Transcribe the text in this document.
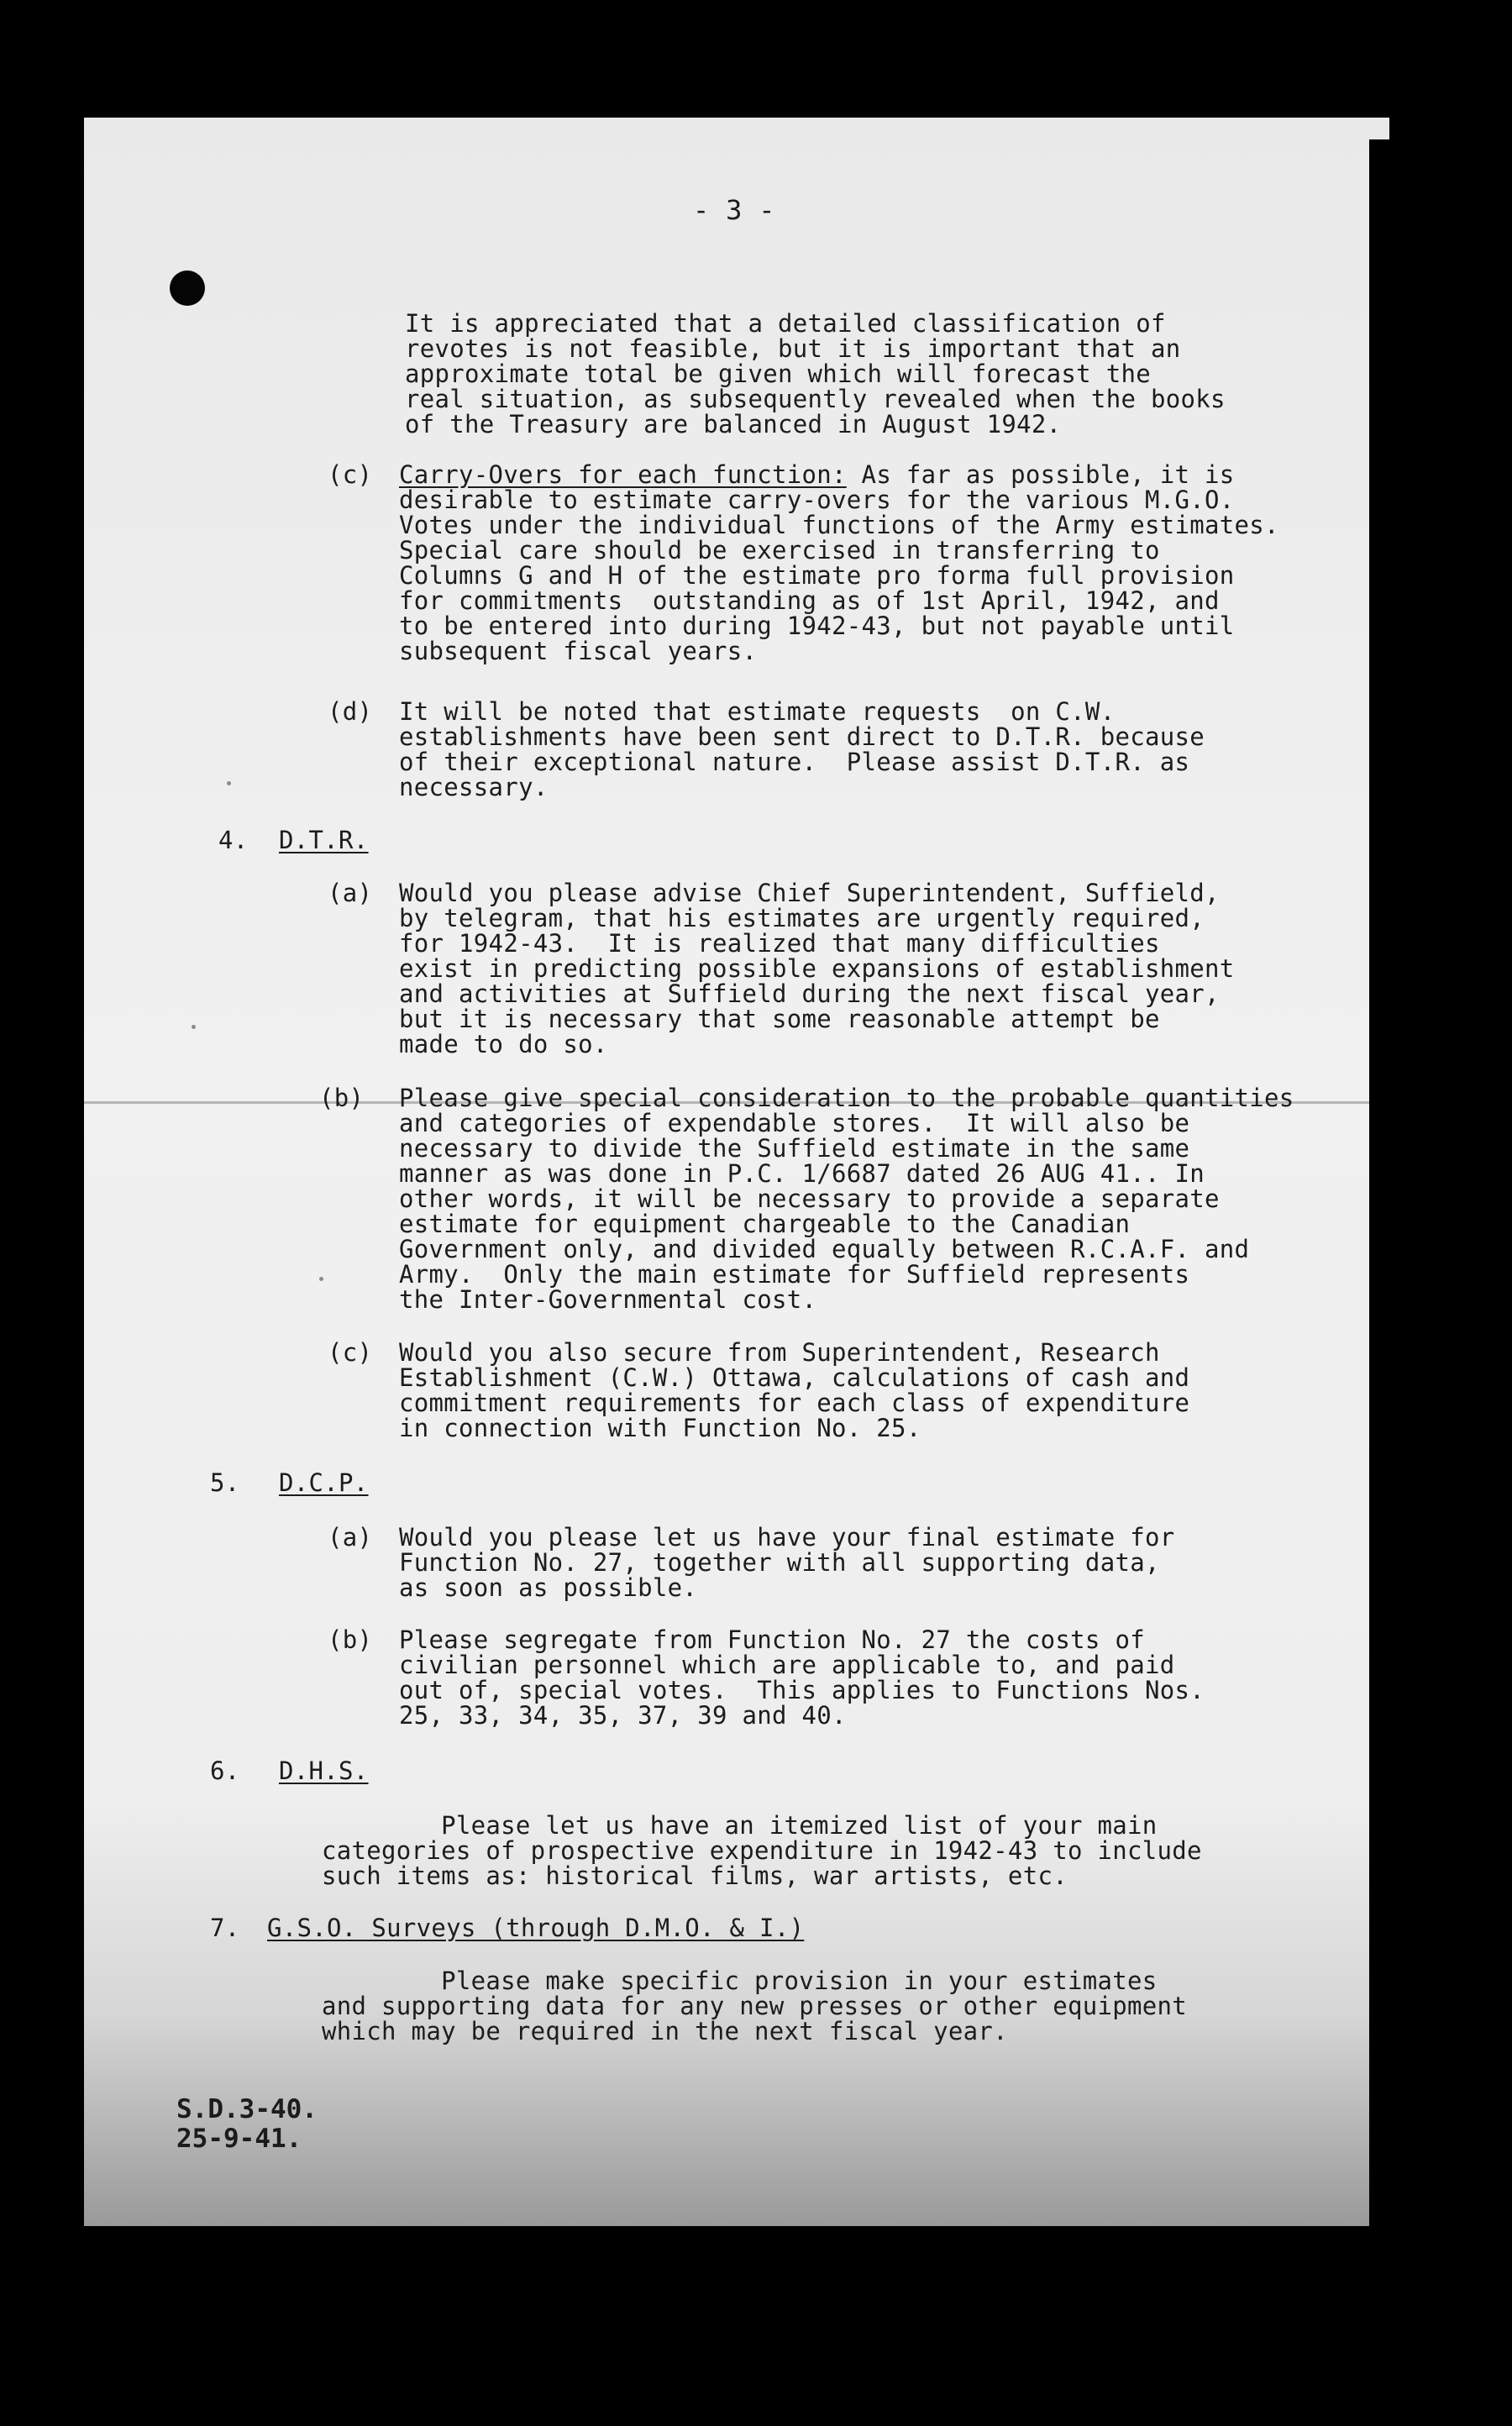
- 3 -
It is appreciated that a detailed classification of
revotes is not feasible, but it is important that an
approximate total be given which will forecast the
real situation, as subsequently revealed when the books
of the Treasury are balanced in August 1942.
(c) Carry-Overs for each function: As far as possible, it is
desirable to estimate carry-overs for the various M.G.O.
Votes under the individual functions of the Army estimates.
Special care should be exercised in transferring to
Columns G and H of the estimate pro forma full provision
for commitments  outstanding as of 1st April, 1942, and
to be entered into during 1942-43, but not payable until
subsequent fiscal years.
(d) It will be noted that estimate requests  on C.W.
establishments have been sent direct to D.T.R. because
of their exceptional nature.  Please assist D.T.R. as
necessary.
4. D.T.R.
(a) Would you please advise Chief Superintendent, Suffield,
by telegram, that his estimates are urgently required,
for 1942-43.  It is realized that many difficulties
exist in predicting possible expansions of establishment
and activities at Suffield during the next fiscal year,
but it is necessary that some reasonable attempt be
made to do so.
(b) Please give special consideration to the probable quantities
and categories of expendable stores.  It will also be
necessary to divide the Suffield estimate in the same
manner as was done in P.C. 1/6687 dated 26 AUG 41.. In
other words, it will be necessary to provide a separate
estimate for equipment chargeable to the Canadian
Government only, and divided equally between R.C.A.F. and
Army.  Only the main estimate for Suffield represents
the Inter-Governmental cost.
(c) Would you also secure from Superintendent, Research
Establishment (C.W.) Ottawa, calculations of cash and
commitment requirements for each class of expenditure
in connection with Function No. 25.
5. D.C.P.
(a) Would you please let us have your final estimate for
Function No. 27, together with all supporting data,
as soon as possible.
(b) Please segregate from Function No. 27 the costs of
civilian personnel which are applicable to, and paid
out of, special votes.  This applies to Functions Nos.
25, 33, 34, 35, 37, 39 and 40.
6. D.H.S.
Please let us have an itemized list of your main
categories of prospective expenditure in 1942-43 to include
such items as: historical films, war artists, etc.
7. G.S.O. Surveys (through D.M.O. & I.)
Please make specific provision in your estimates
and supporting data for any new presses or other equipment
which may be required in the next fiscal year.
S.D.3-40.
25-9-41.
